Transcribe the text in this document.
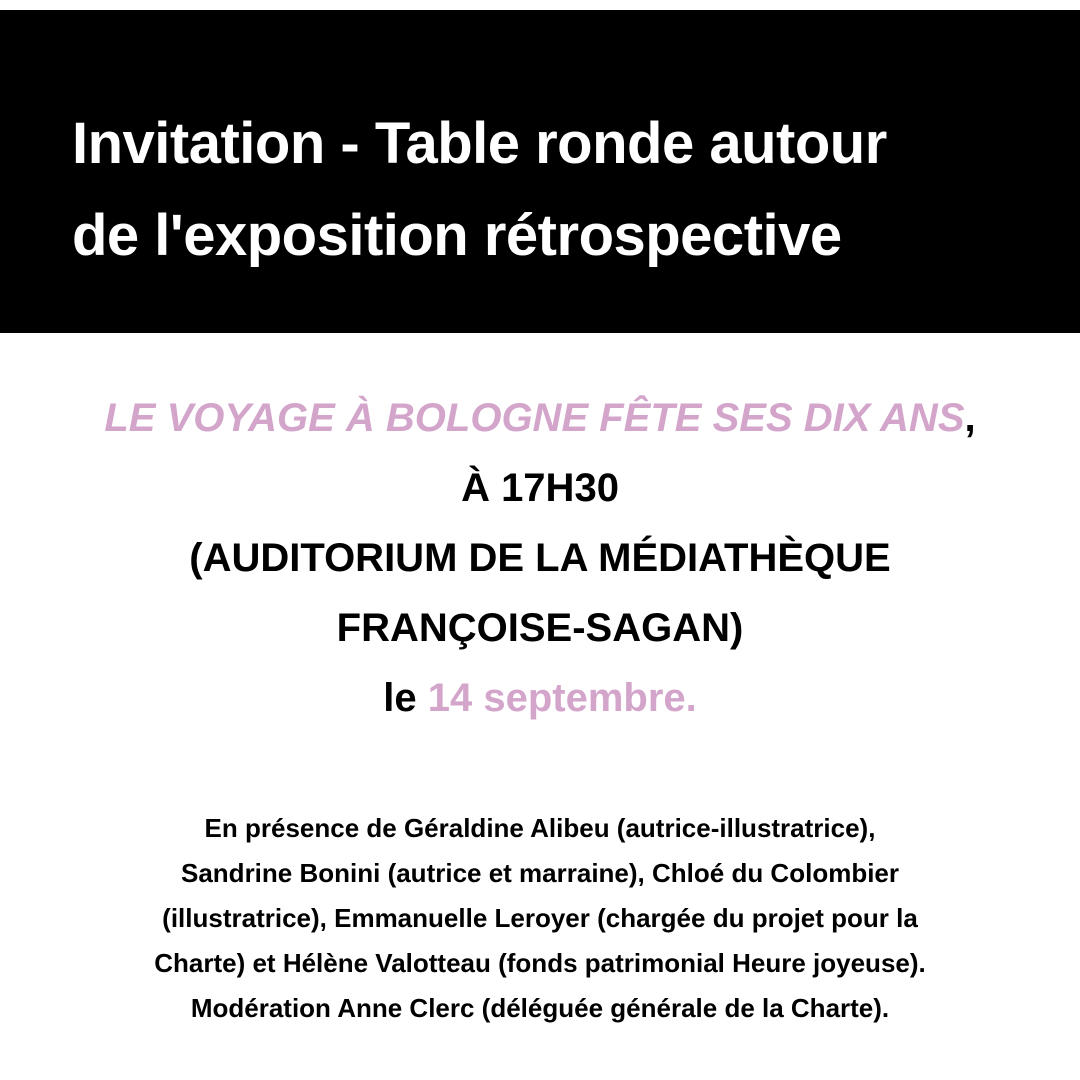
Invitation - Table ronde autour
de l'exposition rétrospective
LE VOYAGE À BOLOGNE FÊTE SES DIX ANS,
À 17H30
(AUDITORIUM DE LA MÉDIATHÈQUE
FRANÇOISE-SAGAN)
le 14 septembre.
En présence de Géraldine Alibeu (autrice-illustratrice),
Sandrine Bonini (autrice et marraine), Chloé du Colombier
(illustratrice), Emmanuelle Leroyer (chargée du projet pour la
Charte) et Hélène Valotteau (fonds patrimonial Heure joyeuse).
Modération Anne Clerc (déléguée générale de la Charte).
